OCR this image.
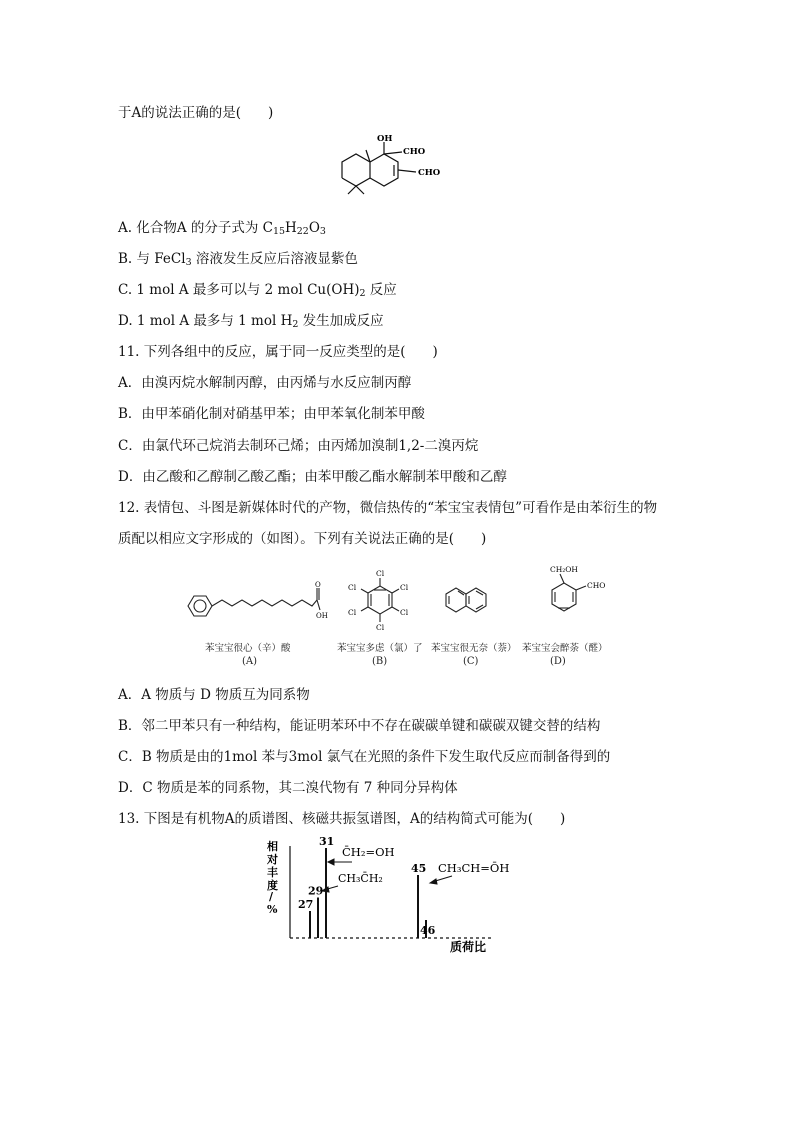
于A的说法正确的是(　　)
OH
CHO
CHO
A. 化合物A 的分子式为 $C_{15}H_{22}O_3$
B. 与 FeCl$_3$ 溶液发生反应后溶液显紫色
C. 1 mol A 最多可以与 2 mol $Cu(OH)_2$ 反应
D. 1 mol A 最多与 1 mol $H_2$ 发生加成反应
11. 下列各组中的反应，属于同一反应类型的是(　　)
A．由溴丙烷水解制丙醇，由丙烯与水反应制丙醇
B．由甲苯硝化制对硝基甲苯；由甲苯氧化制苯甲酸
C．由氯代环己烷消去制环己烯；由丙烯加溴制1,2-二溴丙烷
D．由乙酸和乙醇制乙酸乙酯；由苯甲酸乙酯水解制苯甲酸和乙醇
12. 表情包、斗图是新媒体时代的产物，微信热传的“苯宝宝表情包”可看作是由苯衍生的物
质配以相应文字形成的（如图）。下列有关说法正确的是(　　)
O
OH
Cl
Cl
Cl
Cl
Cl
Cl
CH₂OH
CHO
苯宝宝很心（辛）酸
(A)
苯宝宝多虑（氯）了
(B)
苯宝宝很无奈（萘）
(C)
苯宝宝会醉荼（醛）
(D)
A．A 物质与 D 物质互为同系物
B．邻二甲苯只有一种结构，能证明苯环中不存在碳碳单键和碳碳双键交替的结构
C．B 物质是由的1mol 苯与3mol 氯气在光照的条件下发生取代反应而制备得到的
D．C 物质是苯的同系物，其二溴代物有 7 种同分异构体
13. 下图是有机物A的质谱图、核磁共振氢谱图，A的结构简式可能为(　　)
相
对
丰
度
/
%
质荷比
C̄H₂=OH
CH₃C̄H₂
CH₃CH=ŌH
27
29
31
45
46
